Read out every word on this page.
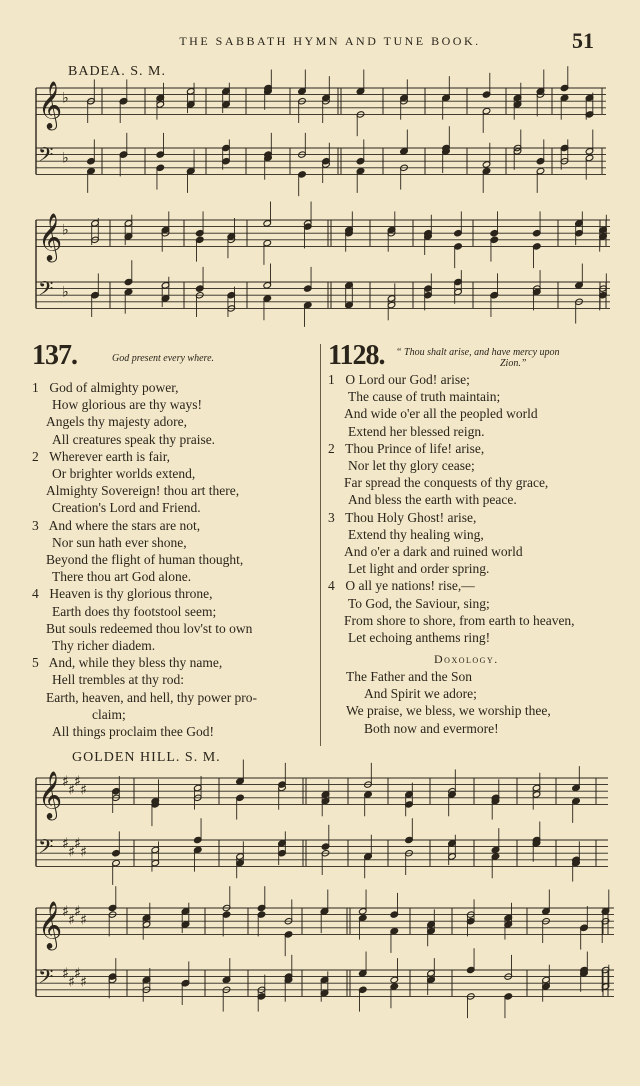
THE SABBATH HYMN AND TUNE BOOK.	51
BADEA. S. M.
GOLDEN HILL. S. M.
𝄞 ♭
𝄢 ♭
𝄞 ♭
𝄢 ♭
𝄞 ♯
♯
♯
♯
𝄢 ♯
♯
♯
♯
𝄞 ♯
♯
♯
♯
𝄢 ♯
♯
♯
♯
137.	God present every where.
1 God of almighty power,
How glorious are thy ways!
Angels thy majesty adore,
All creatures speak thy praise.
2 Wherever earth is fair,
Or brighter worlds extend,
Almighty Sovereign! thou art there,
Creation's Lord and Friend.
3 And where the stars are not,
Nor sun hath ever shone,
Beyond the flight of human thought,
There thou art God alone.
4 Heaven is thy glorious throne,
Earth does thy footstool seem;
But souls redeemed thou lov'st to own
Thy richer diadem.
5 And, while they bless thy name,
Hell trembles at thy rod:
Earth, heaven, and hell, thy power pro-
claim;
All things proclaim thee God!
1128. “ Thou shalt arise, and have mercy upon
Zion.”
1 O Lord our God! arise;
The cause of truth maintain;
And wide o'er all the peopled world
Extend her blessed reign.
2 Thou Prince of life! arise,
Nor let thy glory cease;
Far spread the conquests of thy grace,
And bless the earth with peace.
3 Thou Holy Ghost! arise,
Extend thy healing wing,
And o'er a dark and ruined world
Let light and order spring.
4 O all ye nations! rise,—
To God, the Saviour, sing;
From shore to shore, from earth to heaven,
Let echoing anthems ring!
Doxology.
The Father and the Son
And Spirit we adore;
We praise, we bless, we worship thee,
Both now and evermore!
